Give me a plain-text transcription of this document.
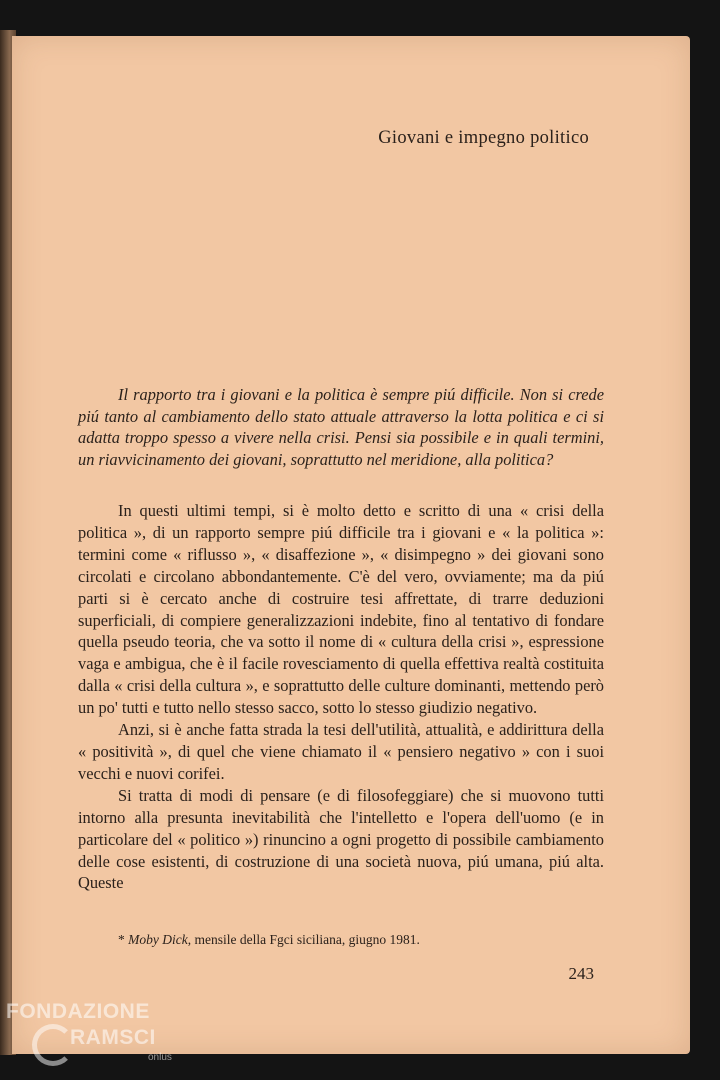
Giovani e impegno politico

Il rapporto tra i giovani e la politica è sempre piú difficile. Non si crede piú tanto al cambiamento dello stato attuale attraverso la lotta politica e ci si adatta troppo spesso a vivere nella crisi. Pensi sia possibile e in quali termini, un riavvicinamento dei giovani, soprattutto nel meridione, alla politica?

In questi ultimi tempi, si è molto detto e scritto di una « crisi della politica », di un rapporto sempre piú difficile tra i giovani e « la politica »: termini come « riflusso », « disaffezione », « disimpegno » dei giovani sono circolati e circolano abbondantemente. C'è del vero, ovviamente; ma da piú parti si è cercato anche di costruire tesi affrettate, di trarre deduzioni superficiali, di compiere generalizzazioni indebite, fino al tentativo di fondare quella pseudo teoria, che va sotto il nome di « cultura della crisi », espressione vaga e ambigua, che è il facile rovesciamento di quella effettiva realtà costituita dalla « crisi della cultura », e soprattutto delle culture dominanti, mettendo però un po' tutti e tutto nello stesso sacco, sotto lo stesso giudizio negativo.

Anzi, si è anche fatta strada la tesi dell'utilità, attualità, e addirittura della « positività », di quel che viene chiamato il « pensiero negativo » con i suoi vecchi e nuovi corifei.

Si tratta di modi di pensare (e di filosofeggiare) che si muovono tutti intorno alla presunta inevitabilità che l'intelletto e l'opera dell'uomo (e in particolare del « politico ») rinuncino a ogni progetto di possibile cambiamento delle cose esistenti, di costruzione di una società nuova, piú umana, piú alta. Queste

* Moby Dick, mensile della Fgci siciliana, giugno 1981.
243
FONDAZIONE
RAMSCI
onlus
